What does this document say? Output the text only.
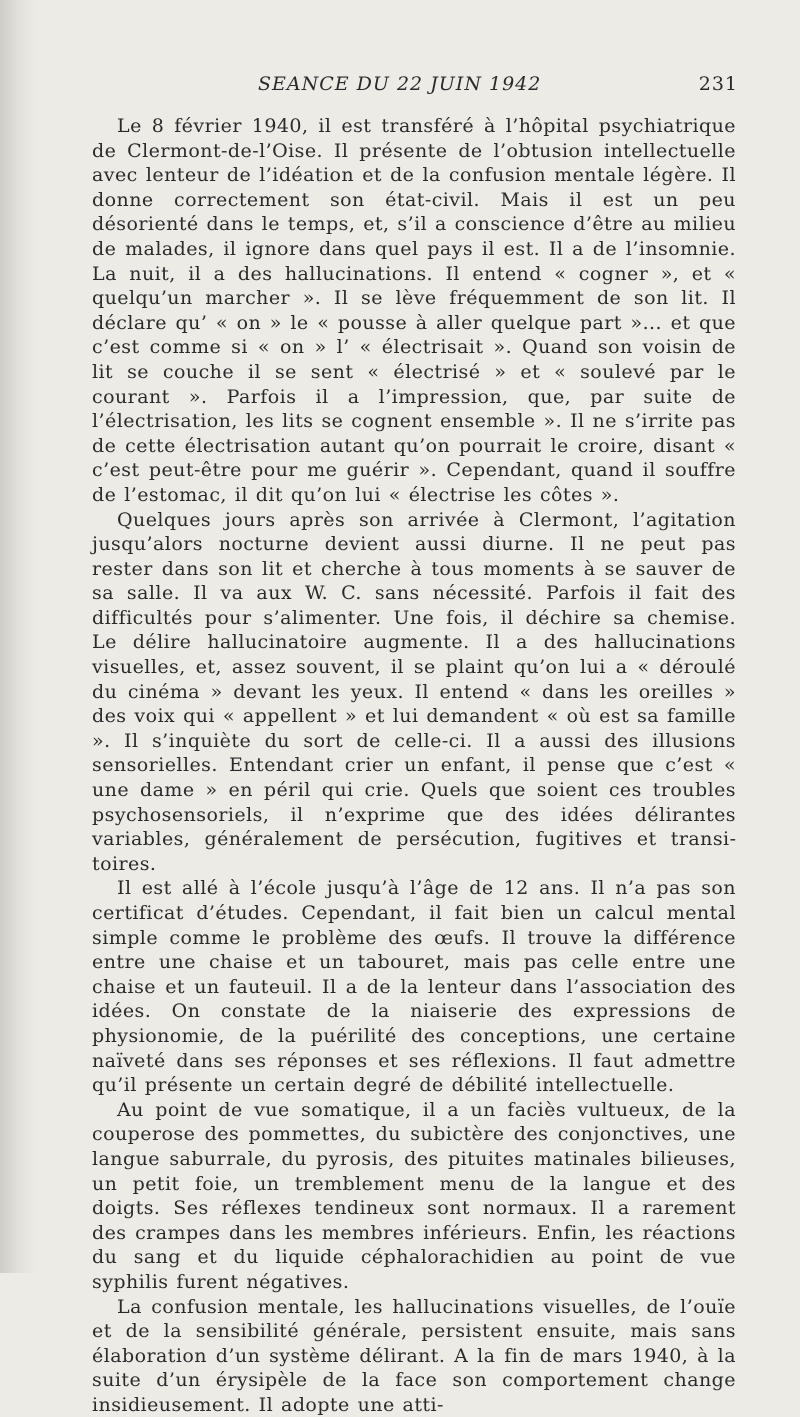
SEANCE DU 22 JUIN 1942	231

Le 8 février 1940, il est transféré à l’hôpital psychiatrique de Clermont-de-l’Oise. Il présente de l’obtusion intellectuelle avec lenteur de l’idéation et de la confusion mentale légère. Il donne correctement son état-civil. Mais il est un peu désorienté dans le temps, et, s’il a conscience d’être au milieu de malades, il ignore dans quel pays il est. Il a de l’insomnie. La nuit, il a des hallucinations. Il entend « cogner », et « quelqu’un marcher ». Il se lève fréquemment de son lit. Il déclare qu’ « on » le « pousse à aller quelque part »... et que c’est comme si « on » l’ « électrisait ». Quand son voisin de lit se couche il se sent « électrisé » et « soulevé par le courant ». Parfois il a l’impression, que, par suite de l’électrisation, les lits se cognent ensemble ». Il ne s’irrite pas de cette électrisation autant qu’on pourrait le croire, disant « c’est peut-être pour me guérir ». Cependant, quand il souffre de l’estomac, il dit qu’on lui « électrise les côtes ».

Quelques jours après son arrivée à Clermont, l’agitation jusqu’alors nocturne devient aussi diurne. Il ne peut pas rester dans son lit et cherche à tous moments à se sauver de sa salle. Il va aux W. C. sans nécessité. Parfois il fait des difficultés pour s’alimenter. Une fois, il déchire sa chemise. Le délire hallucinatoire augmente. Il a des hallucinations visuelles, et, assez souvent, il se plaint qu’on lui a « déroulé du cinéma » devant les yeux. Il entend « dans les oreilles » des voix qui « appellent » et lui demandent « où est sa famille ». Il s’inquiète du sort de celle-ci. Il a aussi des illusions sensorielles. Entendant crier un enfant, il pense que c’est « une dame » en péril qui crie. Quels que soient ces troubles psychosensoriels, il n’exprime que des idées délirantes variables, généralement de persécution, fugitives et transitoires.

Il est allé à l’école jusqu’à l’âge de 12 ans. Il n’a pas son certificat d’études. Cependant, il fait bien un calcul mental simple comme le problème des œufs. Il trouve la différence entre une chaise et un tabouret, mais pas celle entre une chaise et un fauteuil. Il a de la lenteur dans l’association des idées. On constate de la niaiserie des expressions de physionomie, de la puérilité des conceptions, une certaine naïveté dans ses réponses et ses réflexions. Il faut admettre qu’il présente un certain degré de débilité intellectuelle.

Au point de vue somatique, il a un faciès vultueux, de la couperose des pommettes, du subictère des conjonctives, une langue saburrale, du pyrosis, des pituites matinales bilieuses, un petit foie, un tremblement menu de la langue et des doigts. Ses réflexes tendineux sont normaux. Il a rarement des crampes dans les membres inférieurs. Enfin, les réactions du sang et du liquide céphalorachidien au point de vue syphilis furent négatives.

La confusion mentale, les hallucinations visuelles, de l’ouïe et de la sensibilité générale, persistent ensuite, mais sans élaboration d’un système délirant. A la fin de mars 1940, à la suite d’un érysipèle de la face son comportement change insidieusement. Il adopte une atti-
